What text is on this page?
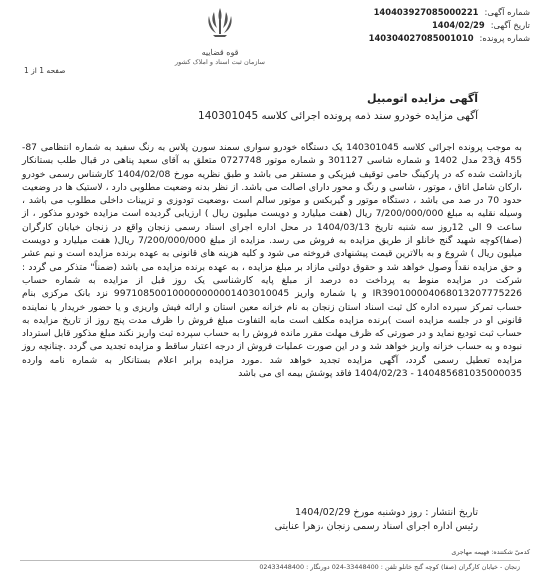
شماره آگهی:
140403927085000221
تاریخ آگهی:
1404/02/29
شماره پرونده:
140304027085001010
قوه قضاییه
سازمان ثبت اسناد و املاک کشور
صفحه 1 از 1
آگهی مزایده اتومبیل
آگهی مزایده خودرو سند ذمه پرونده اجرائی کلاسه 140301045
به موجب پرونده اجرائی کلاسه 140301045 یک دستگاه خودرو سواری سمند سورن پلاس به رنگ سفید به شماره انتظامی 87- 455 ق23 مدل 1402 و شماره شاسی 301127 و شماره موتور 0727748 متعلق به آقای سعید پناهی در قبال طلب بستانکار بازداشت شده که در پارکینگ حامی توقیف فیزیکی و مستقر می باشد و طبق نظریه مورخ 1404/02/08 کارشناس رسمی خودرو ،ارکان شامل اتاق ، موتور ، شاسی و رنگ و محور دارای اصالت می باشد. از نظر بدنه وضعیت مطلوبی دارد ، لاستیک ها در وضعیت حدود 70 در صد می باشد ، دستگاه موتور و گیربکس و موتور سالم است ،وضعیت تودوزی و تزیینات داخلی مطلوب می باشد ، وسیله نقلیه به مبلغ 7/200/000/000 ریال (هفت میلیارد و دویست میلیون ریال ) ارزیابی گردیده است مزایده خودرو مذکور ، از ساعت 9 الی 12روز سه شنبه تاریخ 1404/03/13 در محل اداره اجرای اسناد رسمی زنجان واقع در زنجان خیابان کارگران (صفا)کوچه شهید گنج خانلو از طریق مزایده به فروش می رسد. مزایده از مبلغ 7/200/000/000 ریال( هفت میلیارد و دویست میلیون ریال ) شروع و به بالاترین قیمت پیشنهادی فروخته می شود و کلیه هزینه های قانونی به عهده برنده مزایده است و نیم عشر و حق مزایده نقداً وصول خواهد شد و حقوق دولتی مازاد بر مبلغ مزایده ، به عهده برنده مزایده می باشد (ضمناً" متذکر می گردد : شرکت در مزایده منوط به پرداخت ده درصد از مبلغ پایه کارشناسی یک روز قبل از مزایده به شماره حساب IR390100004068013207775226 و یا شماره واریز 997108500100000000001403010045 نزد بانک مرکزی بنام حساب تمرکز سپرده اداره کل ثبت اسناد استان زنجان به نام خزانه معین استان و ارائه فیش واریزی و یا حضور خریدار یا نماینده قانونی او در جلسه مزایده است )برنده مزایده مکلف است مابه التفاوت مبلغ فروش را ظرف مدت پنج روز از تاریخ مزایده به حساب ثبت تودیع نماید و در صورتی که ظرف مهلت مقرر مانده فروش را به حساب سپرده ثبت واریز نکند مبلغ مذکور قابل استرداد نبوده و به حساب خزانه واریز خواهد شد و در این صورت عملیات فروش از درجه اعتبار ساقط و مزایده تجدید می گردد .چنانچه روز مزایده تعطیل رسمی گردد، آگهی مزایده تجدید خواهد شد .مورد مزایده برابر اعلام بستانکار به شماره نامه وارده 140485681035000035 - 1404/02/23 فاقد پوشش بیمه ای می باشد
تاریخ انتشار : روز دوشنبه مورخ 1404/02/29
رئیس اداره اجرای اسناد رسمی زنجان ،زهرا عنایتی
کدمیّ شکننده: فهیمه مهاجری
زنجان - خیابان کارگران (صفا) کوچه گنج خانلو تلفن : 33448400-024 دورنگار : 02433448400
